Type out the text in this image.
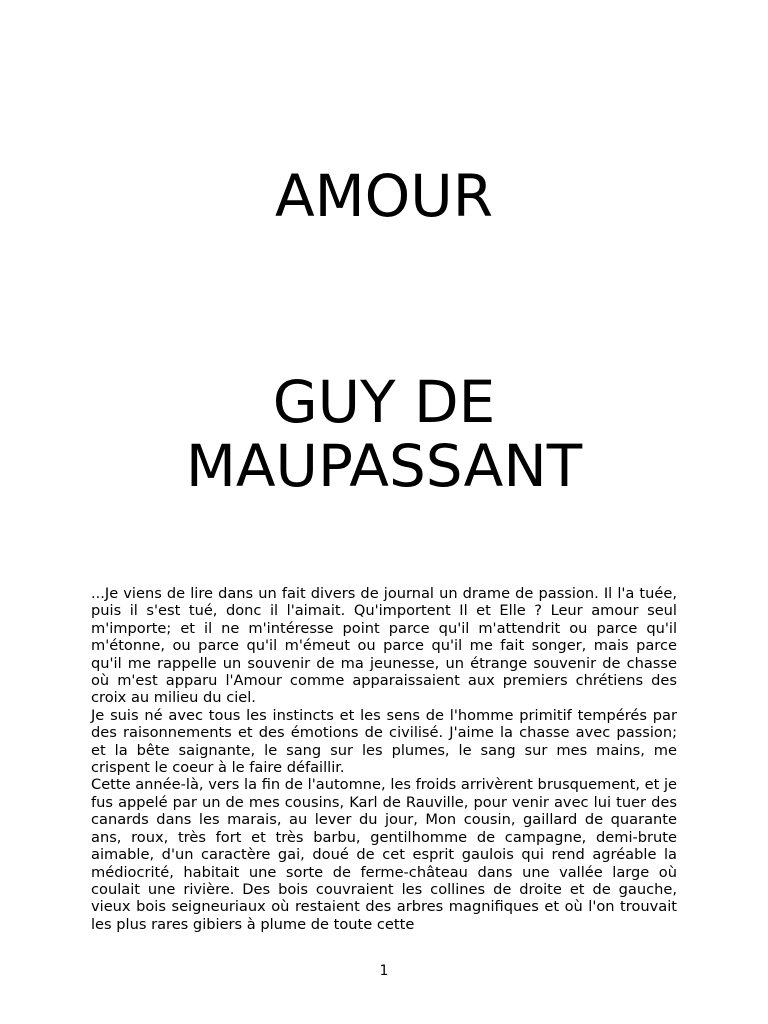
AMOUR
GUY DE
MAUPASSANT

...Je viens de lire dans un fait divers de journal un drame de passion. Il l'a tuée, puis il s'est tué, donc il l'aimait. Qu'importent Il et Elle ? Leur amour seul m'importe; et il ne m'intéresse point parce qu'il m'attendrit ou parce qu'il m'étonne, ou parce qu'il m'émeut ou parce qu'il me fait songer, mais parce qu'il me rappelle un souvenir de ma jeunesse, un étrange souvenir de chasse où m'est apparu l'Amour comme apparaissaient aux premiers chrétiens des croix au milieu du ciel.

Je suis né avec tous les instincts et les sens de l'homme primitif tempérés par des raisonnements et des émotions de civilisé. J'aime la chasse avec passion; et la bête saignante, le sang sur les plumes, le sang sur mes mains, me crispent le coeur à le faire défaillir.

Cette année-là, vers la fin de l'automne, les froids arrivèrent brusquement, et je fus appelé par un de mes cousins, Karl de Rauville, pour venir avec lui tuer des canards dans les marais, au lever du jour, Mon cousin, gaillard de quarante ans, roux, très fort et très barbu, gentilhomme de campagne, demi-brute aimable, d'un caractère gai, doué de cet esprit gaulois qui rend agréable la médiocrité, habitait une sorte de ferme-château dans une vallée large où coulait une rivière. Des bois couvraient les collines de droite et de gauche, vieux bois seigneuriaux où restaient des arbres magnifiques et où l'on trouvait les plus rares gibiers à plume de toute cette

1
